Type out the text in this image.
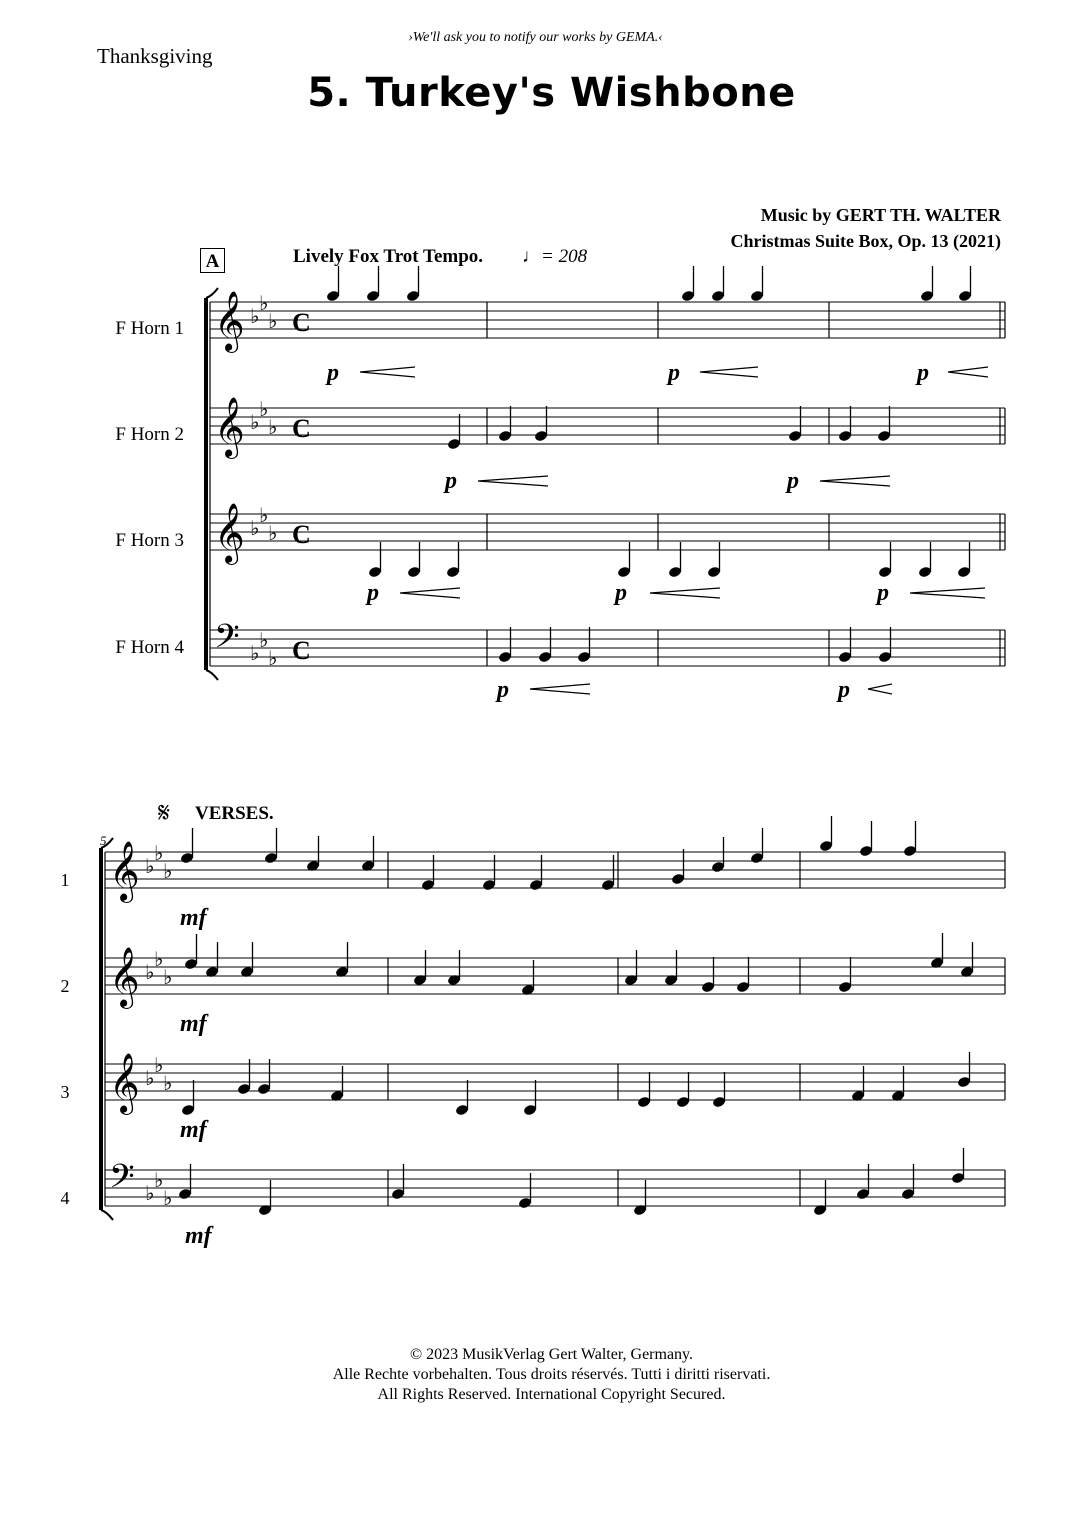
›We'll ask you to notify our works by GEMA.‹
Thanksgiving
5. Turkey's Wishbone
Music by GERT TH. WALTER
Christmas Suite Box, Op. 13 (2021)
A	Lively Fox Trot Tempo. ♩= 208
F Horn 1
F Horn 2
F Horn 3
F Horn 4
𝄋 VERSES.
5
1
2
3
4
𝄞 ♭
♭
♭
𝄞 ♭
♭
♭
𝄞 ♭
♭
♭
𝄢 ♭
♭
♭
C
C
C
C
𝄞 ♭
♭
♭
𝄞 ♭
♭
♭
𝄞 ♭
♭
♭
𝄢 ♭
♭
♭
p	p	p
p	p
p	p	p
p	p
mf
mf
mf
mf
© 2023 MusikVerlag Gert Walter, Germany.
Alle Rechte vorbehalten. Tous droits réservés. Tutti i diritti riservati.
All Rights Reserved. International Copyright Secured.
